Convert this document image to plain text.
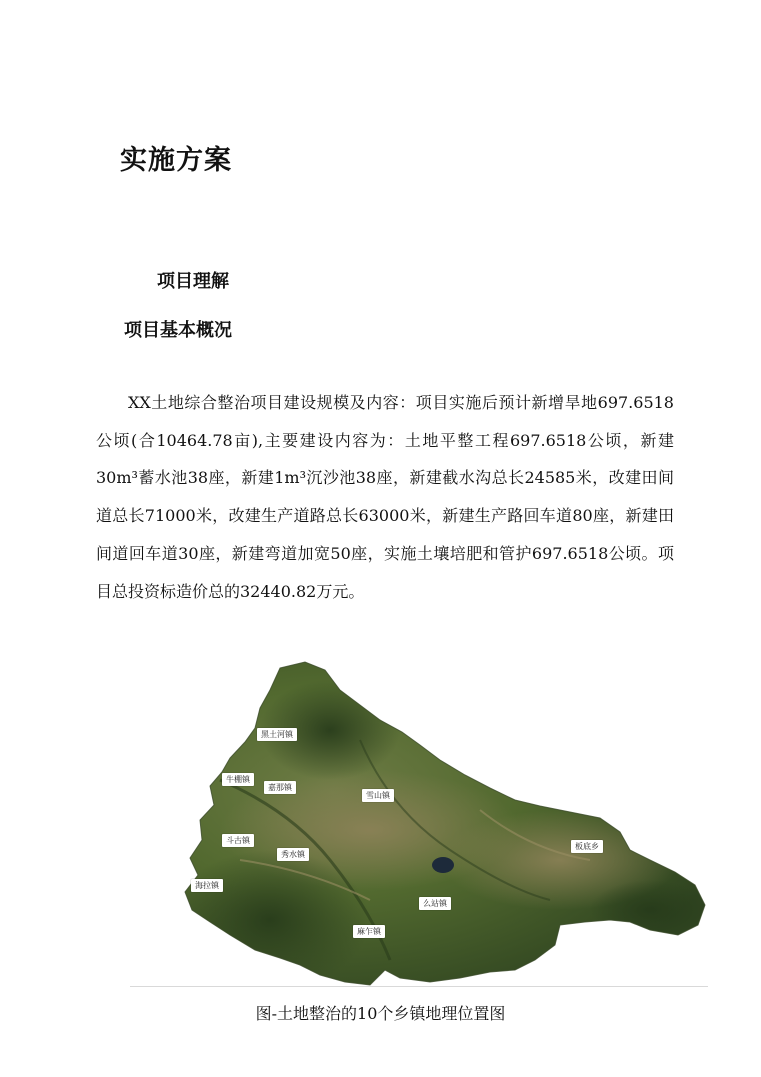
实施方案
项目理解
项目基本概况

XX土地综合整治项目建设规模及内容：项目实施后预计新增旱地697.6518公顷(合10464.78亩),主要建设内容为：土地平整工程697.6518公顷，新建30m³蓄水池38座，新建1m³沉沙池38座，新建截水沟总长24585米，改建田间道总长71000米，改建生产道路总长63000米，新建生产路回车道80座，新建田间道回车道30座，新建弯道加宽50座，实施土壤培肥和管护697.6518公顷。项目总投资标造价总的32440.82万元。

黑土河镇
牛棚镇
嘉那镇
雪山镇
斗古镇
秀水镇
板底乡
海拉镇
么站镇
麻乍镇

图-土地整治的10个乡镇地理位置图
